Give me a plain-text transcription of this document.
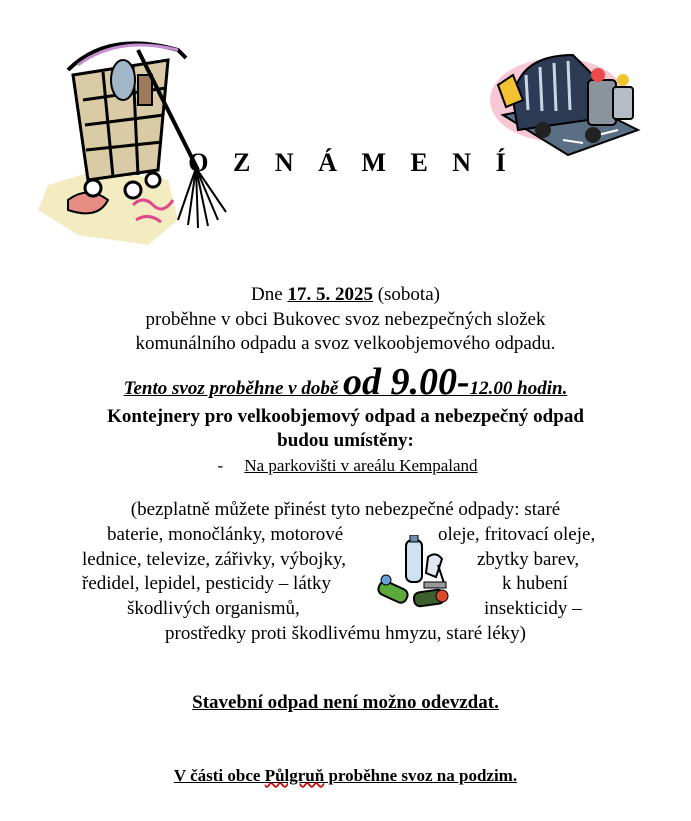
O Z N Á M E N Í
Dne 17. 5. 2025 (sobota)
proběhne v obci Bukovec svoz nebezpečných složek
komunálního odpadu a svoz velkoobjemového odpadu.
Tento svoz proběhne v době od 9.00-12.00 hodin.
Kontejnery pro velkoobjemový odpad a nebezpečný odpad
budou umístěny:
- Na parkovišti v areálu Kempaland
(bezplatně můžete přinést tyto nebezpečné odpady: staré
baterie, monočlánky, motorové	oleje, fritovací oleje,
lednice, televize, zářivky, výbojky,	zbytky barev,
ředidel, lepidel, pesticidy – látky	k hubení
škodlivých organismů,	insekticidy –
prostředky proti škodlivému hmyzu, staré léky)
Stavební odpad není možno odevzdat.
V části obce Půlgruň proběhne svoz na podzim.
